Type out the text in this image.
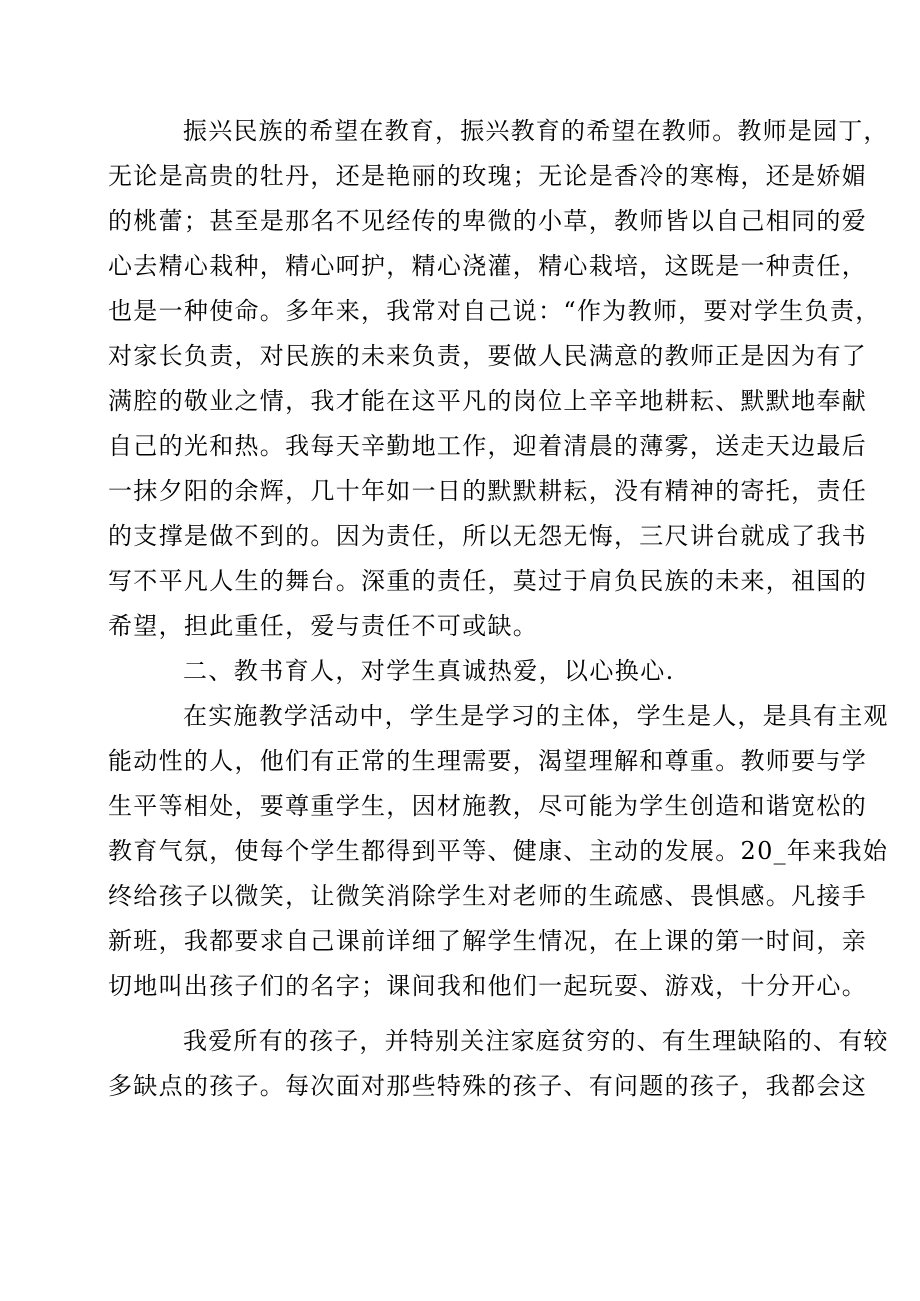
振兴民族的希望在教育，振兴教育的希望在教师。教师是园丁，
无论是高贵的牡丹，还是艳丽的玫瑰；无论是香冷的寒梅，还是娇媚
的桃蕾；甚至是那名不见经传的卑微的小草，教师皆以自己相同的爱
心去精心栽种，精心呵护，精心浇灌，精心栽培，这既是一种责任，
也是一种使命。多年来，我常对自己说：“作为教师，要对学生负责，
对家长负责，对民族的未来负责，要做人民满意的教师正是因为有了
满腔的敬业之情，我才能在这平凡的岗位上辛辛地耕耘、默默地奉献
自己的光和热。我每天辛勤地工作，迎着清晨的薄雾，送走天边最后
一抹夕阳的余辉，几十年如一日的默默耕耘，没有精神的寄托，责任
的支撑是做不到的。因为责任，所以无怨无悔，三尺讲台就成了我书
写不平凡人生的舞台。深重的责任，莫过于肩负民族的未来，祖国的
希望，担此重任，爱与责任不可或缺。
二、教书育人，对学生真诚热爱，以心换心.
在实施教学活动中，学生是学习的主体，学生是人，是具有主观
能动性的人，他们有正常的生理需要，渴望理解和尊重。教师要与学
生平等相处，要尊重学生，因材施教，尽可能为学生创造和谐宽松的
教育气氛，使每个学生都得到平等、健康、主动的发展。20_年来我始
终给孩子以微笑，让微笑消除学生对老师的生疏感、畏惧感。凡接手
新班，我都要求自己课前详细了解学生情况，在上课的第一时间，亲
切地叫出孩子们的名字；课间我和他们一起玩耍、游戏，十分开心。
我爱所有的孩子，并特别关注家庭贫穷的、有生理缺陷的、有较
多缺点的孩子。每次面对那些特殊的孩子、有问题的孩子，我都会这
